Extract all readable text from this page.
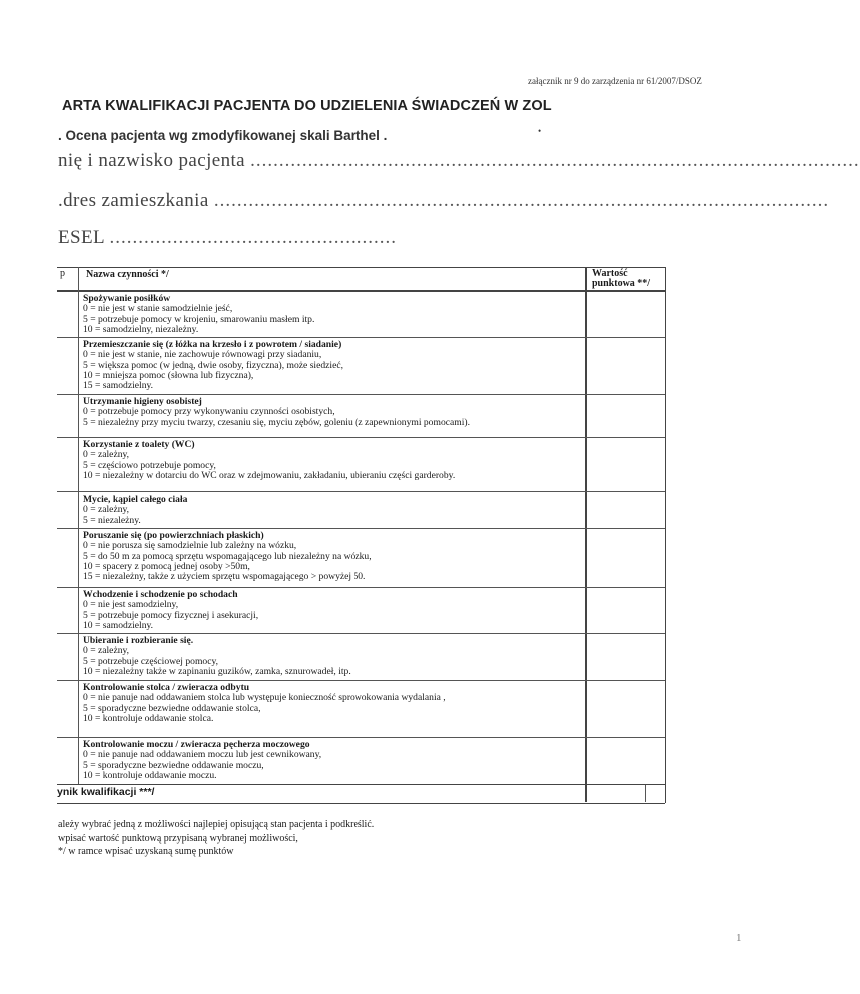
załącznik nr 9 do zarządzenia nr 61/2007/DSOZ
ARTA KWALIFIKACJI PACJENTA DO UDZIELENIA ŚWIADCZEŃ W ZOL
•
. Ocena pacjenta wg zmodyfikowanej skali Barthel .
nię i nazwisko pacjenta ..........................................................................................................
.dres zamieszkania ...........................................................................................................
ESEL ..................................................
p Nazwa czynności */	Wartość
punktowa **/
Spożywanie posiłków
0 = nie jest w stanie samodzielnie jeść,
5 = potrzebuje pomocy w krojeniu, smarowaniu masłem itp.
10 = samodzielny, niezależny.
Przemieszczanie się (z łóżka na krzesło i z powrotem / siadanie)
0 = nie jest w stanie, nie zachowuje równowagi przy siadaniu,
5 = większa pomoc (w jedną, dwie osoby, fizyczna), może siedzieć,
10 = mniejsza pomoc (słowna lub fizyczna),
15 = samodzielny.
Utrzymanie higieny osobistej
0 = potrzebuje pomocy przy wykonywaniu czynności osobistych,
5 = niezależny przy myciu twarzy, czesaniu się, myciu zębów, goleniu (z zapewnionymi pomocami).
Korzystanie z toalety (WC)
0 = zależny,
5 = częściowo potrzebuje pomocy,
10 = niezależny w dotarciu do WC oraz w zdejmowaniu, zakładaniu, ubieraniu części garderoby.
Mycie, kąpiel całego ciała
0 = zależny,
5 = niezależny.
Poruszanie się (po powierzchniach płaskich)
0 = nie porusza się samodzielnie lub zależny na wózku,
5 = do 50 m za pomocą sprzętu wspomagającego lub niezależny na wózku,
10 = spacery z pomocą jednej osoby >50m,
15 = niezależny, także z użyciem sprzętu wspomagającego > powyżej 50.
Wchodzenie i schodzenie po schodach
0 = nie jest samodzielny,
5 = potrzebuje pomocy fizycznej i asekuracji,
10 = samodzielny.
Ubieranie i rozbieranie się.
0 = zależny,
5 = potrzebuje częściowej pomocy,
10 = niezależny także w zapinaniu guzików, zamka, sznurowadeł, itp.
Kontrolowanie stolca / zwieracza odbytu
0 = nie panuje nad oddawaniem stolca lub występuje konieczność sprowokowania wydalania ,
5 = sporadyczne bezwiedne oddawanie stolca,
10 = kontroluje oddawanie stolca.
Kontrolowanie moczu / zwieracza pęcherza moczowego
0 = nie panuje nad oddawaniem moczu lub jest cewnikowany,
5 = sporadyczne bezwiedne oddawanie moczu,
10 = kontroluje oddawanie moczu.
ynik kwalifikacji ***/
ależy wybrać jedną z możliwości najlepiej opisującą stan pacjenta i podkreślić.
wpisać wartość punktową przypisaną wybranej możliwości,
*/ w ramce wpisać uzyskaną sumę punktów
1
